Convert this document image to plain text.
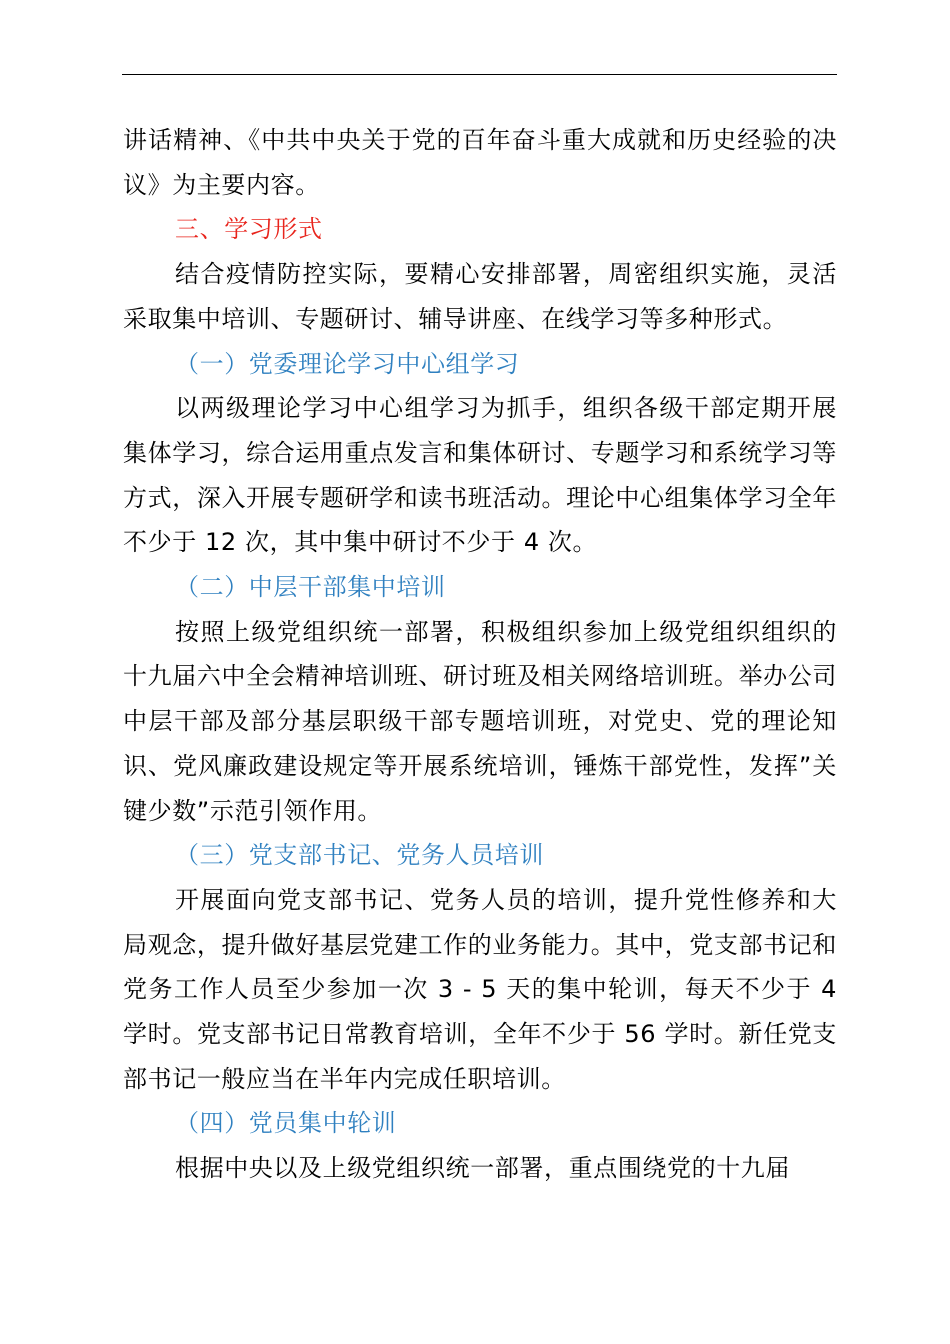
讲话精神、《中共中央关于党的百年奋斗重大成就和历史经验的决议》为主要内容。

三、学习形式

结合疫情防控实际，要精心安排部署，周密组织实施，灵活采取集中培训、专题研讨、辅导讲座、在线学习等多种形式。

（一）党委理论学习中心组学习

以两级理论学习中心组学习为抓手，组织各级干部定期开展集体学习，综合运用重点发言和集体研讨、专题学习和系统学习等方式，深入开展专题研学和读书班活动。理论中心组集体学习全年不少于 12 次，其中集中研讨不少于 4 次。

（二）中层干部集中培训

按照上级党组织统一部署，积极组织参加上级党组织组织的十九届六中全会精神培训班、研讨班及相关网络培训班。举办公司中层干部及部分基层职级干部专题培训班，对党史、党的理论知识、党风廉政建设规定等开展系统培训，锤炼干部党性，发挥”关键少数”示范引领作用。

（三）党支部书记、党务人员培训

开展面向党支部书记、党务人员的培训，提升党性修养和大局观念，提升做好基层党建工作的业务能力。其中，党支部书记和党务工作人员至少参加一次 3 - 5 天的集中轮训，每天不少于 4 学时。党支部书记日常教育培训，全年不少于 56 学时。新任党支部书记一般应当在半年内完成任职培训。

（四）党员集中轮训

根据中央以及上级党组织统一部署，重点围绕党的十九届
